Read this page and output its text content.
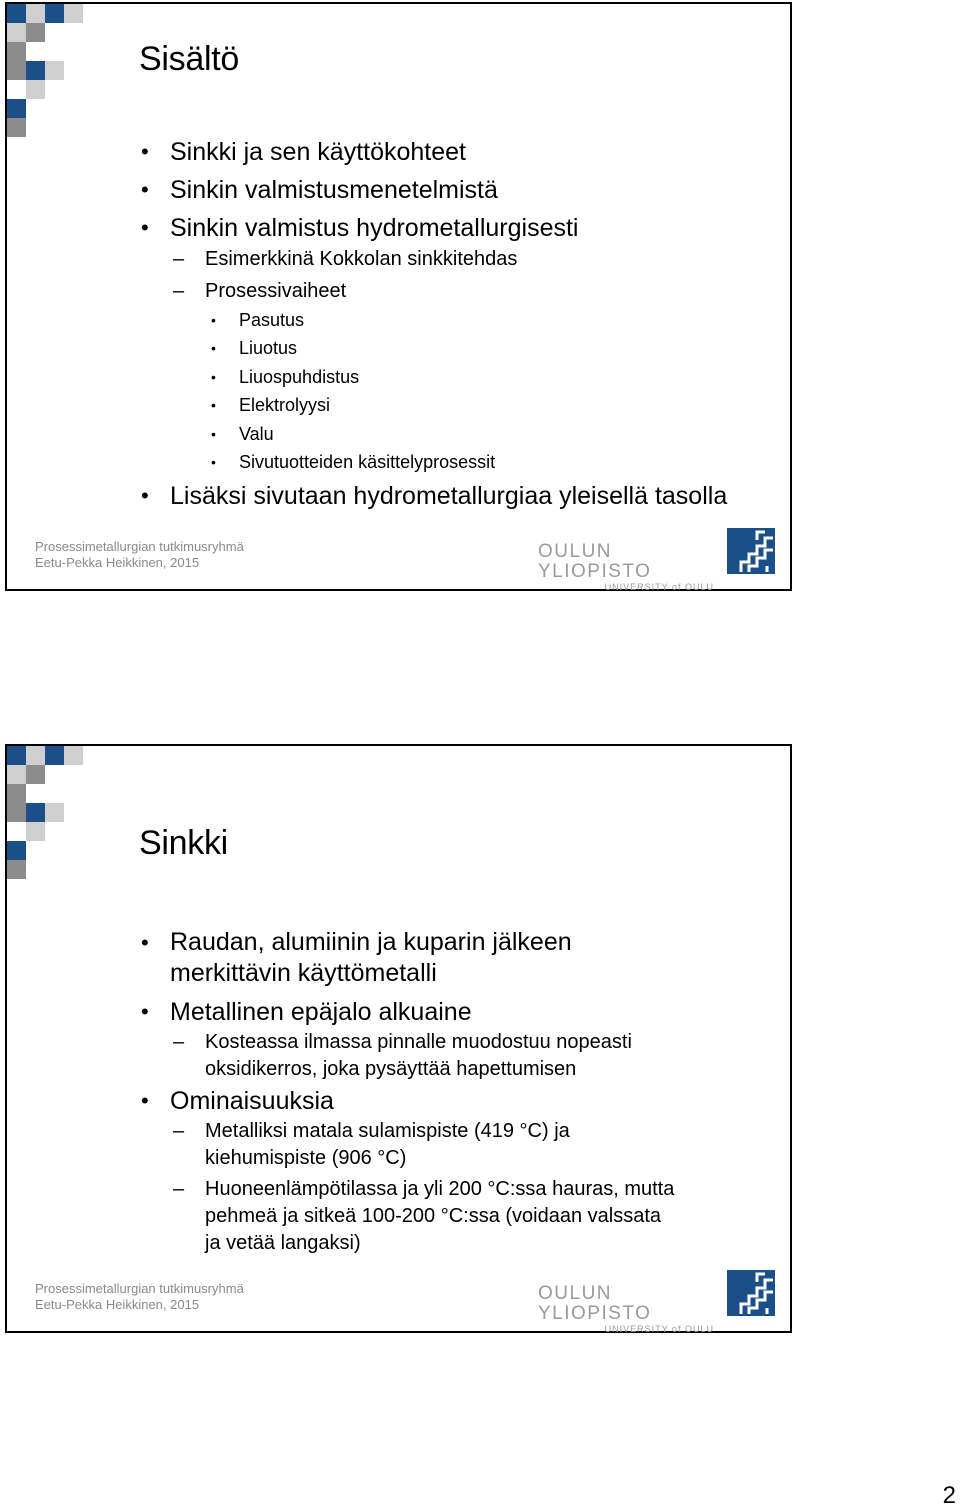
Sisältö
• Sinkki ja sen käyttökohteet
• Sinkin valmistusmenetelmistä
• Sinkin valmistus hydrometallurgisesti
– Esimerkkinä Kokkolan sinkkitehdas
– Prosessivaiheet
• Pasutus
• Liuotus
• Liuospuhdistus
• Elektrolyysi
• Valu
• Sivutuotteiden käsittelyprosessit
• Lisäksi sivutaan hydrometallurgiaa yleisellä tasolla
Prosessimetallurgian tutkimusryhmä
Eetu-Pekka Heikkinen, 2015
OULUN YLIOPISTO
UNIVERSITY of OULU
Sinkki
• Raudan, alumiinin ja kuparin jälkeen merkittävin käyttömetalli
• Metallinen epäjalo alkuaine
– Kosteassa ilmassa pinnalle muodostuu nopeasti oksidikerros, joka pysäyttää hapettumisen
• Ominaisuuksia
– Metalliksi matala sulamispiste (419 °C) ja kiehumispiste (906 °C)
– Huoneenlämpötilassa ja yli 200 °C:ssa hauras, mutta pehmeä ja sitkeä 100-200 °C:ssa (voidaan valssata ja vetää langaksi)
Prosessimetallurgian tutkimusryhmä
Eetu-Pekka Heikkinen, 2015
OULUN YLIOPISTO
UNIVERSITY of OULU
2
